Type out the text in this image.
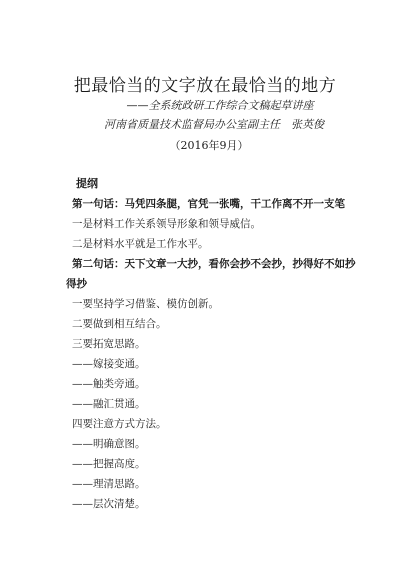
把最恰当的文字放在最恰当的地方
——全系统政研工作综合文稿起草讲座
河南省质量技术监督局办公室副主任　张英俊
（2016年9月）
提纲
第一句话：马凭四条腿，官凭一张嘴，干工作离不开一支笔
一是材料工作关系领导形象和领导威信。
二是材料水平就是工作水平。
第二句话：天下文章一大抄，看你会抄不会抄，抄得好不如抄
得抄
一要坚持学习借鉴、模仿创新。
二要做到相互结合。
三要拓宽思路。
——嫁接变通。
——触类旁通。
——融汇贯通。
四要注意方式方法。
——明确意图。
——把握高度。
——理清思路。
——层次清楚。
